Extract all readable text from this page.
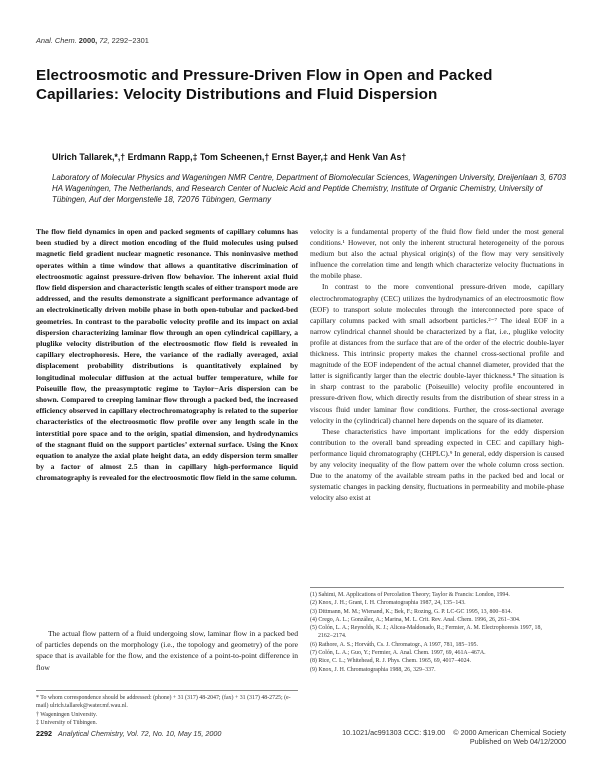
Anal. Chem. 2000, 72, 2292−2301
Electroosmotic and Pressure-Driven Flow in Open and Packed Capillaries: Velocity Distributions and Fluid Dispersion
Ulrich Tallarek,*,† Erdmann Rapp,‡ Tom Scheenen,† Ernst Bayer,‡ and Henk Van As†
Laboratory of Molecular Physics and Wageningen NMR Centre, Department of Biomolecular Sciences, Wageningen University, Dreijenlaan 3, 6703 HA Wageningen, The Netherlands, and Research Center of Nucleic Acid and Peptide Chemistry, Institute of Organic Chemistry, University of Tübingen, Auf der Morgenstelle 18, 72076 Tübingen, Germany
The flow field dynamics in open and packed segments of capillary columns has been studied by a direct motion encoding of the fluid molecules using pulsed magnetic field gradient nuclear magnetic resonance. This noninvasive method operates within a time window that allows a quantitative discrimination of electroosmotic against pressure-driven flow behavior. The inherent axial fluid flow field dispersion and characteristic length scales of either transport mode are addressed, and the results demonstrate a significant performance advantage of an electrokinetically driven mobile phase in both open-tubular and packed-bed geometries. In contrast to the parabolic velocity profile and its impact on axial dispersion characterizing laminar flow through an open cylindrical capillary, a pluglike velocity distribution of the electroosmotic flow field is revealed in capillary electrophoresis. Here, the variance of the radially averaged, axial displacement probability distributions is quantitatively explained by longitudinal molecular diffusion at the actual buffer temperature, while for Poiseuille flow, the preasymptotic regime to Taylor−Aris dispersion can be shown. Compared to creeping laminar flow through a packed bed, the increased efficiency observed in capillary electrochromatography is related to the superior characteristics of the electroosmotic flow profile over any length scale in the interstitial pore space and to the origin, spatial dimension, and hydrodynamics of the stagnant fluid on the support particles’ external surface. Using the Knox equation to analyze the axial plate height data, an eddy dispersion term smaller by a factor of almost 2.5 than in capillary high-performance liquid chromatography is revealed for the electroosmotic flow field in the same column.

The actual flow pattern of a fluid undergoing slow, laminar flow in a packed bed of particles depends on the morphology (i.e., the topology and geometry) of the pore space that is available for the flow, and the existence of a point-to-point difference in flow

* To whom correspondence should be addressed: (phone) + 31 (317) 48-2047; (fax) + 31 (317) 48-2725; (e-mail) ulrich.tallarek@water.mf.wau.nl.
† Wageningen University.
‡ University of Tübingen.

velocity is a fundamental property of the fluid flow field under the most general conditions.¹ However, not only the inherent structural heterogeneity of the porous medium but also the actual physical origin(s) of the flow may very sensitively influence the correlation time and length which characterize velocity fluctuations in the mobile phase.

In contrast to the more conventional pressure-driven mode, capillary electrochromatography (CEC) utilizes the hydrodynamics of an electroosmotic flow (EOF) to transport solute molecules through the interconnected pore space of capillary columns packed with small adsorbent particles.²⁻⁷ The ideal EOF in a narrow cylindrical channel should be characterized by a flat, i.e., pluglike velocity profile at distances from the surface that are of the order of the electric double-layer thickness. This intrinsic property makes the channel cross-sectional profile and magnitude of the EOF independent of the actual channel diameter, provided that the latter is significantly larger than the electric double-layer thickness.⁸ The situation is in sharp contrast to the parabolic (Poiseuille) velocity profile encountered in pressure-driven flow, which directly results from the distribution of shear stress in a viscous fluid under laminar flow conditions. Further, the cross-sectional average velocity in the (cylindrical) channel here depends on the square of its diameter.

These characteristics have important implications for the eddy dispersion contribution to the overall band spreading expected in CEC and capillary high-performance liquid chromatography (CHPLC).⁹ In general, eddy dispersion is caused by any velocity inequality of the flow pattern over the whole column cross section. Due to the anatomy of the available stream paths in the packed bed and local or systematic changes in packing density, fluctuations in permeability and mobile-phase velocity also exist at

(1) Sahimi, M. Applications of Percolation Theory; Taylor & Francis: London, 1994.
(2) Knox, J. H.; Grant, I. H. Chromatographia 1987, 24, 135−143.
(3) Dittmann, M. M.; Wienand, K.; Bek, F.; Rozing, G. P. LC-GC 1995, 13, 800−814.
(4) Crego, A. L.; González, A.; Marina, M. L. Crit. Rev. Anal. Chem. 1996, 26, 261−304.
(5) Colón, L. A.; Reynolds, K. J.; Alicea-Maldonado, R.; Fermier, A. M. Electrophoresis 1997, 18, 2162−2174.
(6) Rathore, A. S.; Horváth, Cs. J. Chromatogr., A 1997, 781, 185−195.
(7) Colón, L. A.; Guo, Y.; Fermier, A. Anal. Chem. 1997, 69, 461A−467A.
(8) Rice, C. L.; Whitehead, R. J. Phys. Chem. 1965, 69, 4017−4024.
(9) Knox, J. H. Chromatographia 1988, 26, 329−337.
2292 Analytical Chemistry, Vol. 72, No. 10, May 15, 2000	10.1021/ac991303 CCC: $19.00 © 2000 American Chemical Society
Published on Web 04/12/2000
